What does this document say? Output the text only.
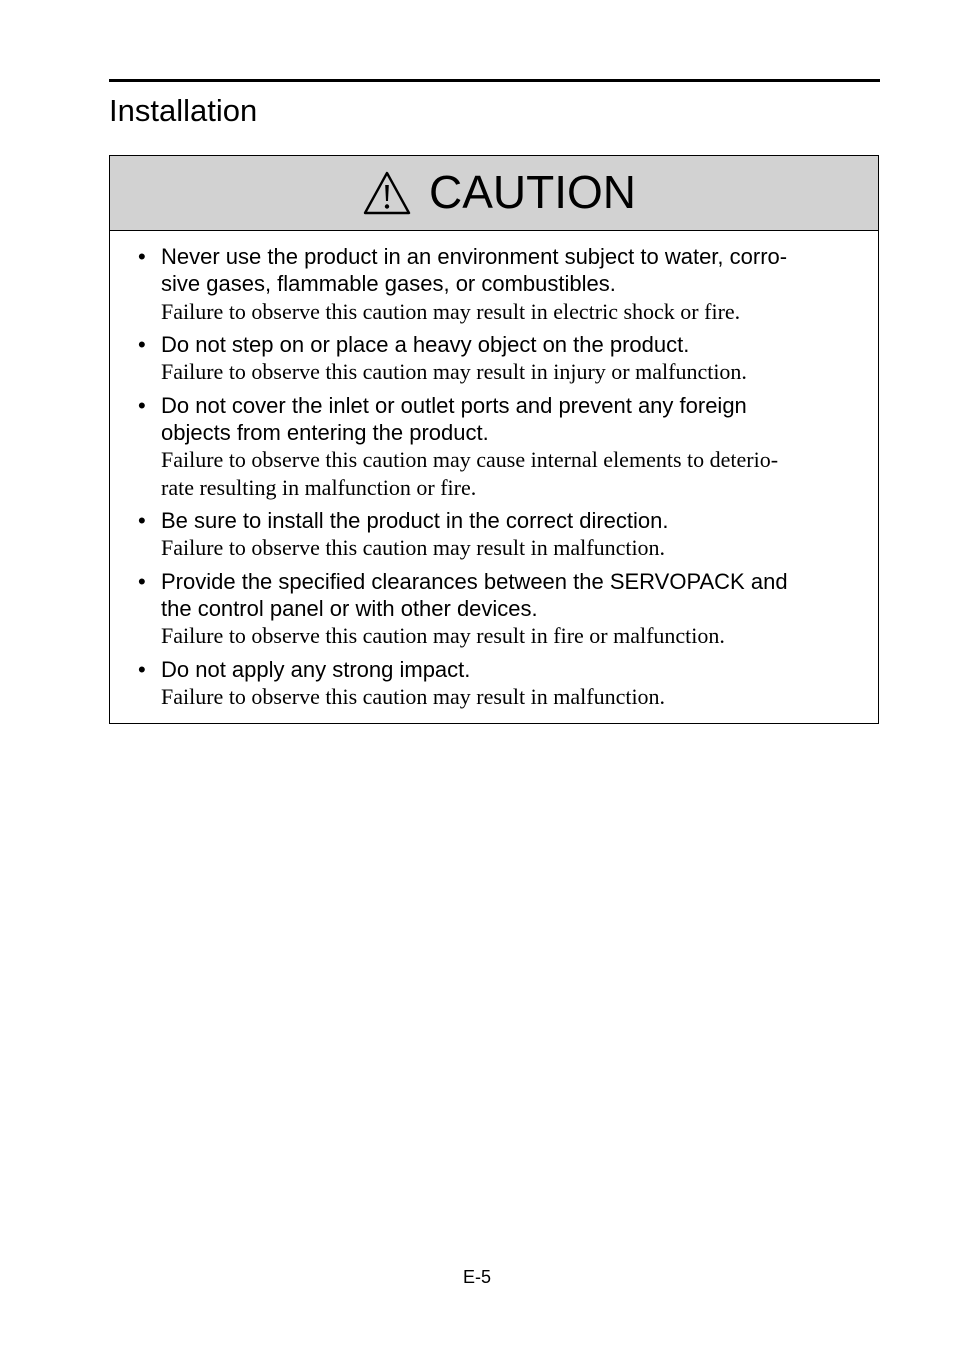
Installation
CAUTION
• Never use the product in an environment subject to water, corro-
sive gases, flammable gases, or combustibles.
Failure to observe this caution may result in electric shock or fire.
• Do not step on or place a heavy object on the product.
Failure to observe this caution may result in injury or malfunction.
• Do not cover the inlet or outlet ports and prevent any foreign
objects from entering the product.
Failure to observe this caution may cause internal elements to deterio-
rate resulting in malfunction or fire.
• Be sure to install the product in the correct direction.
Failure to observe this caution may result in malfunction.
• Provide the specified clearances between the SERVOPACK and
the control panel or with other devices.
Failure to observe this caution may result in fire or malfunction.
• Do not apply any strong impact.
Failure to observe this caution may result in malfunction.
E-5
